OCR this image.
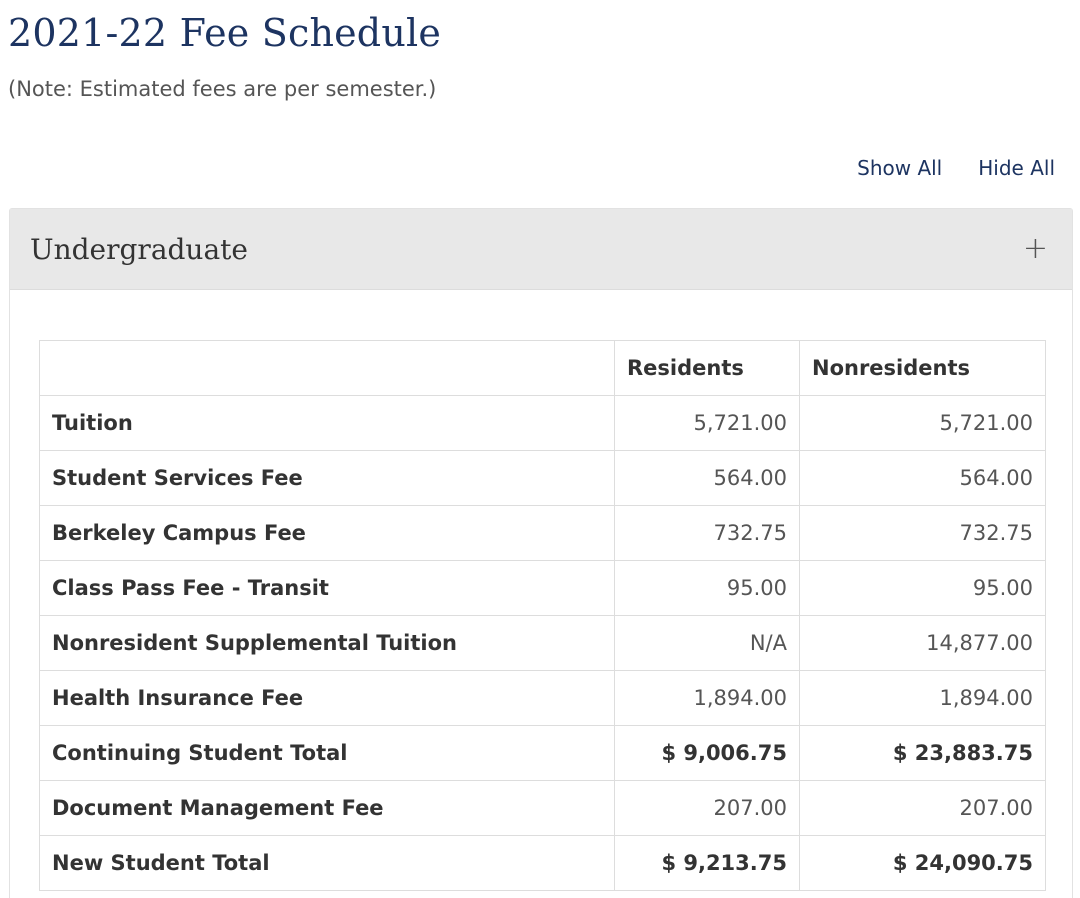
2021-22 Fee Schedule

(Note: Estimated fees are per semester.)

Show All Hide All
Undergraduate	+
	Residents	Nonresidents
Tuition	5,721.00	5,721.00
Student Services Fee	564.00	564.00
Berkeley Campus Fee	732.75	732.75
Class Pass Fee - Transit	95.00	95.00
Nonresident Supplemental Tuition	N/A	14,877.00
Health Insurance Fee	1,894.00	1,894.00
Continuing Student Total	$ 9,006.75	$ 23,883.75
Document Management Fee	207.00	207.00
New Student Total	$ 9,213.75	$ 24,090.75
